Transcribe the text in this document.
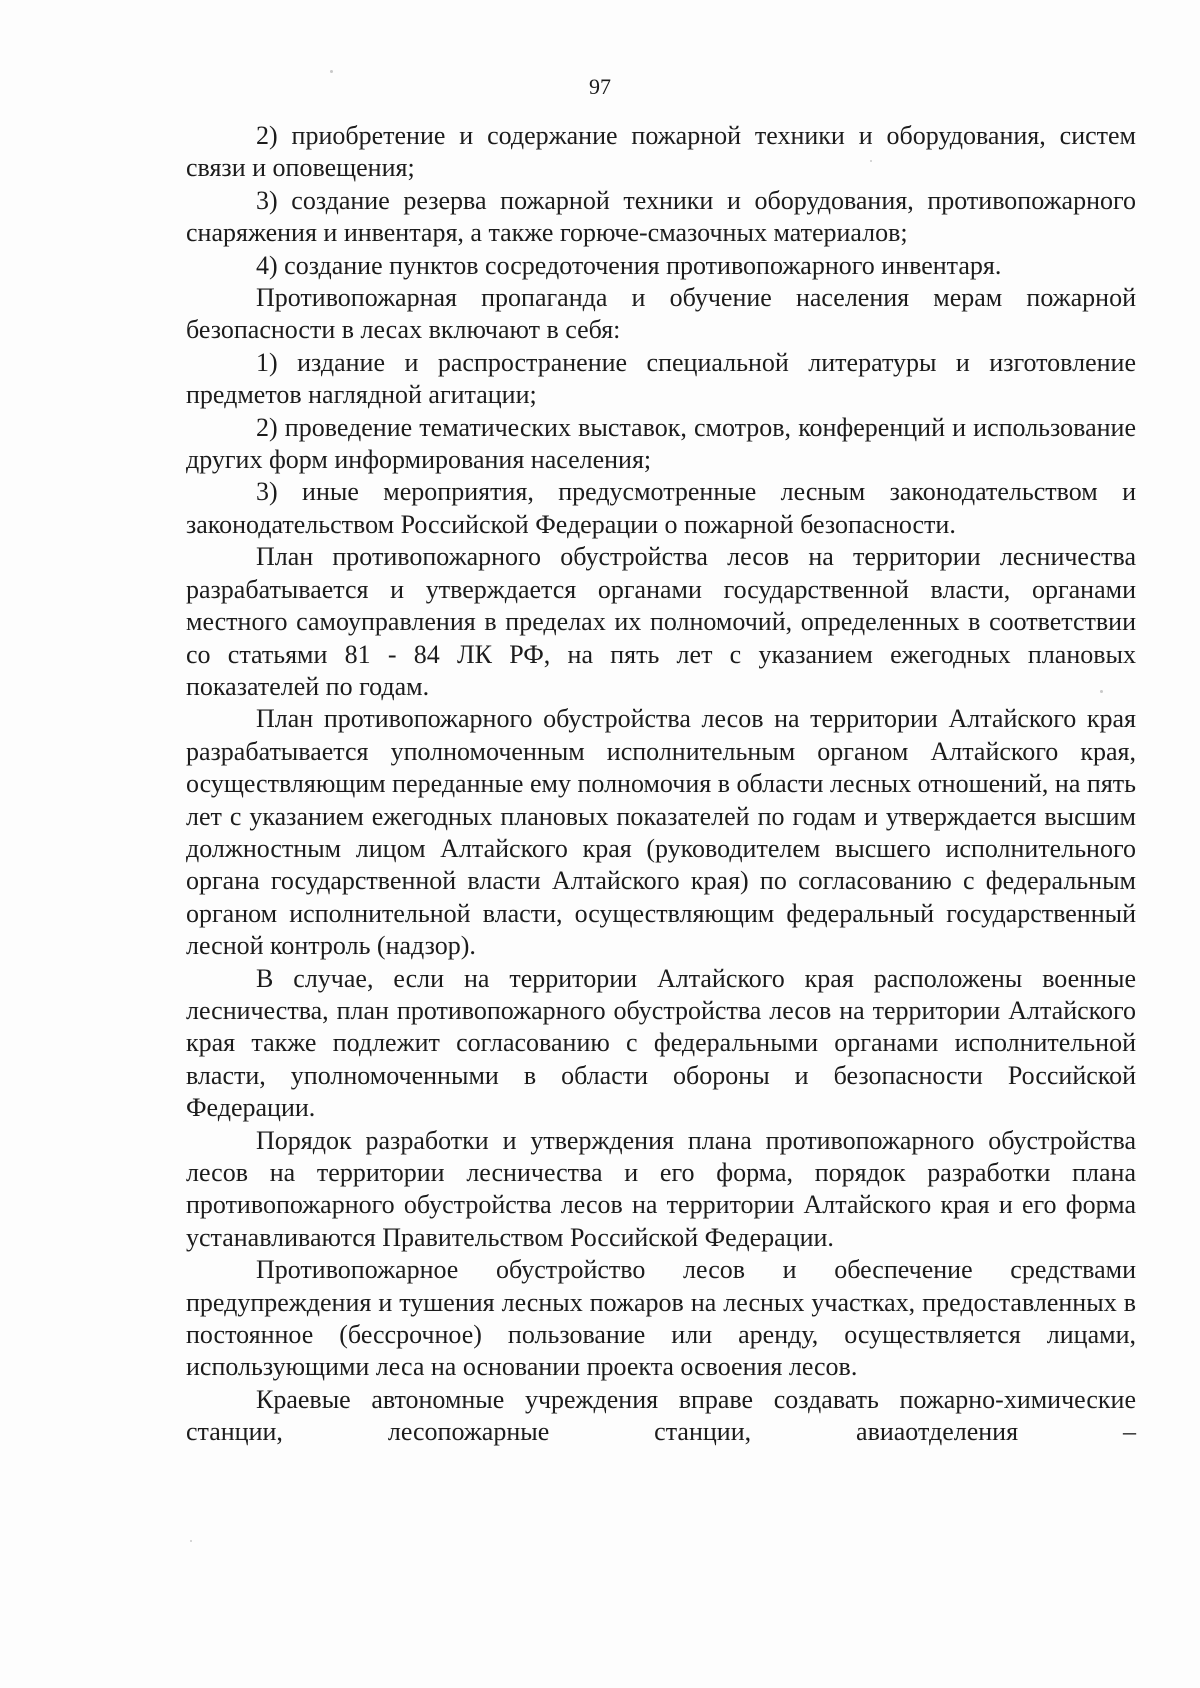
97

2) приобретение и содержание пожарной техники и оборудования, систем связи и оповещения;

3) создание резерва пожарной техники и оборудования, противопожарного снаряжения и инвентаря, а также горюче-смазочных материалов;

4) создание пунктов сосредоточения противопожарного инвентаря.

Противопожарная пропаганда и обучение населения мерам пожарной безопасности в лесах включают в себя:

1) издание и распространение специальной литературы и изготовление предметов наглядной агитации;

2) проведение тематических выставок, смотров, конференций и использование других форм информирования населения;

3) иные мероприятия, предусмотренные лесным законодательством и законодательством Российской Федерации о пожарной безопасности.

План противопожарного обустройства лесов на территории лесничества разрабатывается и утверждается органами государственной власти, органами местного самоуправления в пределах их полномочий, определенных в соответствии со статьями 81 - 84 ЛК РФ, на пять лет с указанием ежегодных плановых показателей по годам.

План противопожарного обустройства лесов на территории Алтайского края разрабатывается уполномоченным исполнительным органом Алтайского края, осуществляющим переданные ему полномочия в области лесных отношений, на пять лет с указанием ежегодных плановых показателей по годам и утверждается высшим должностным лицом Алтайского края (руководителем высшего исполнительного органа государственной власти Алтайского края) по согласованию с федеральным органом исполнительной власти, осуществляющим федеральный государственный лесной контроль (надзор).

В случае, если на территории Алтайского края расположены военные лесничества, план противопожарного обустройства лесов на территории Алтайского края также подлежит согласованию с федеральными органами исполнительной власти, уполномоченными в области обороны и безопасности Российской Федерации.

Порядок разработки и утверждения плана противопожарного обустройства лесов на территории лесничества и его форма, порядок разработки плана противопожарного обустройства лесов на территории Алтайского края и его форма устанавливаются Правительством Российской Федерации.

Противопожарное обустройство лесов и обеспечение средствами предупреждения и тушения лесных пожаров на лесных участках, предоставленных в постоянное (бессрочное) пользование или аренду, осуществляется лицами, использующими леса на основании проекта освоения лесов.

Краевые автономные учреждения вправе создавать пожарно-химические станции, лесопожарные станции, авиаотделения –
